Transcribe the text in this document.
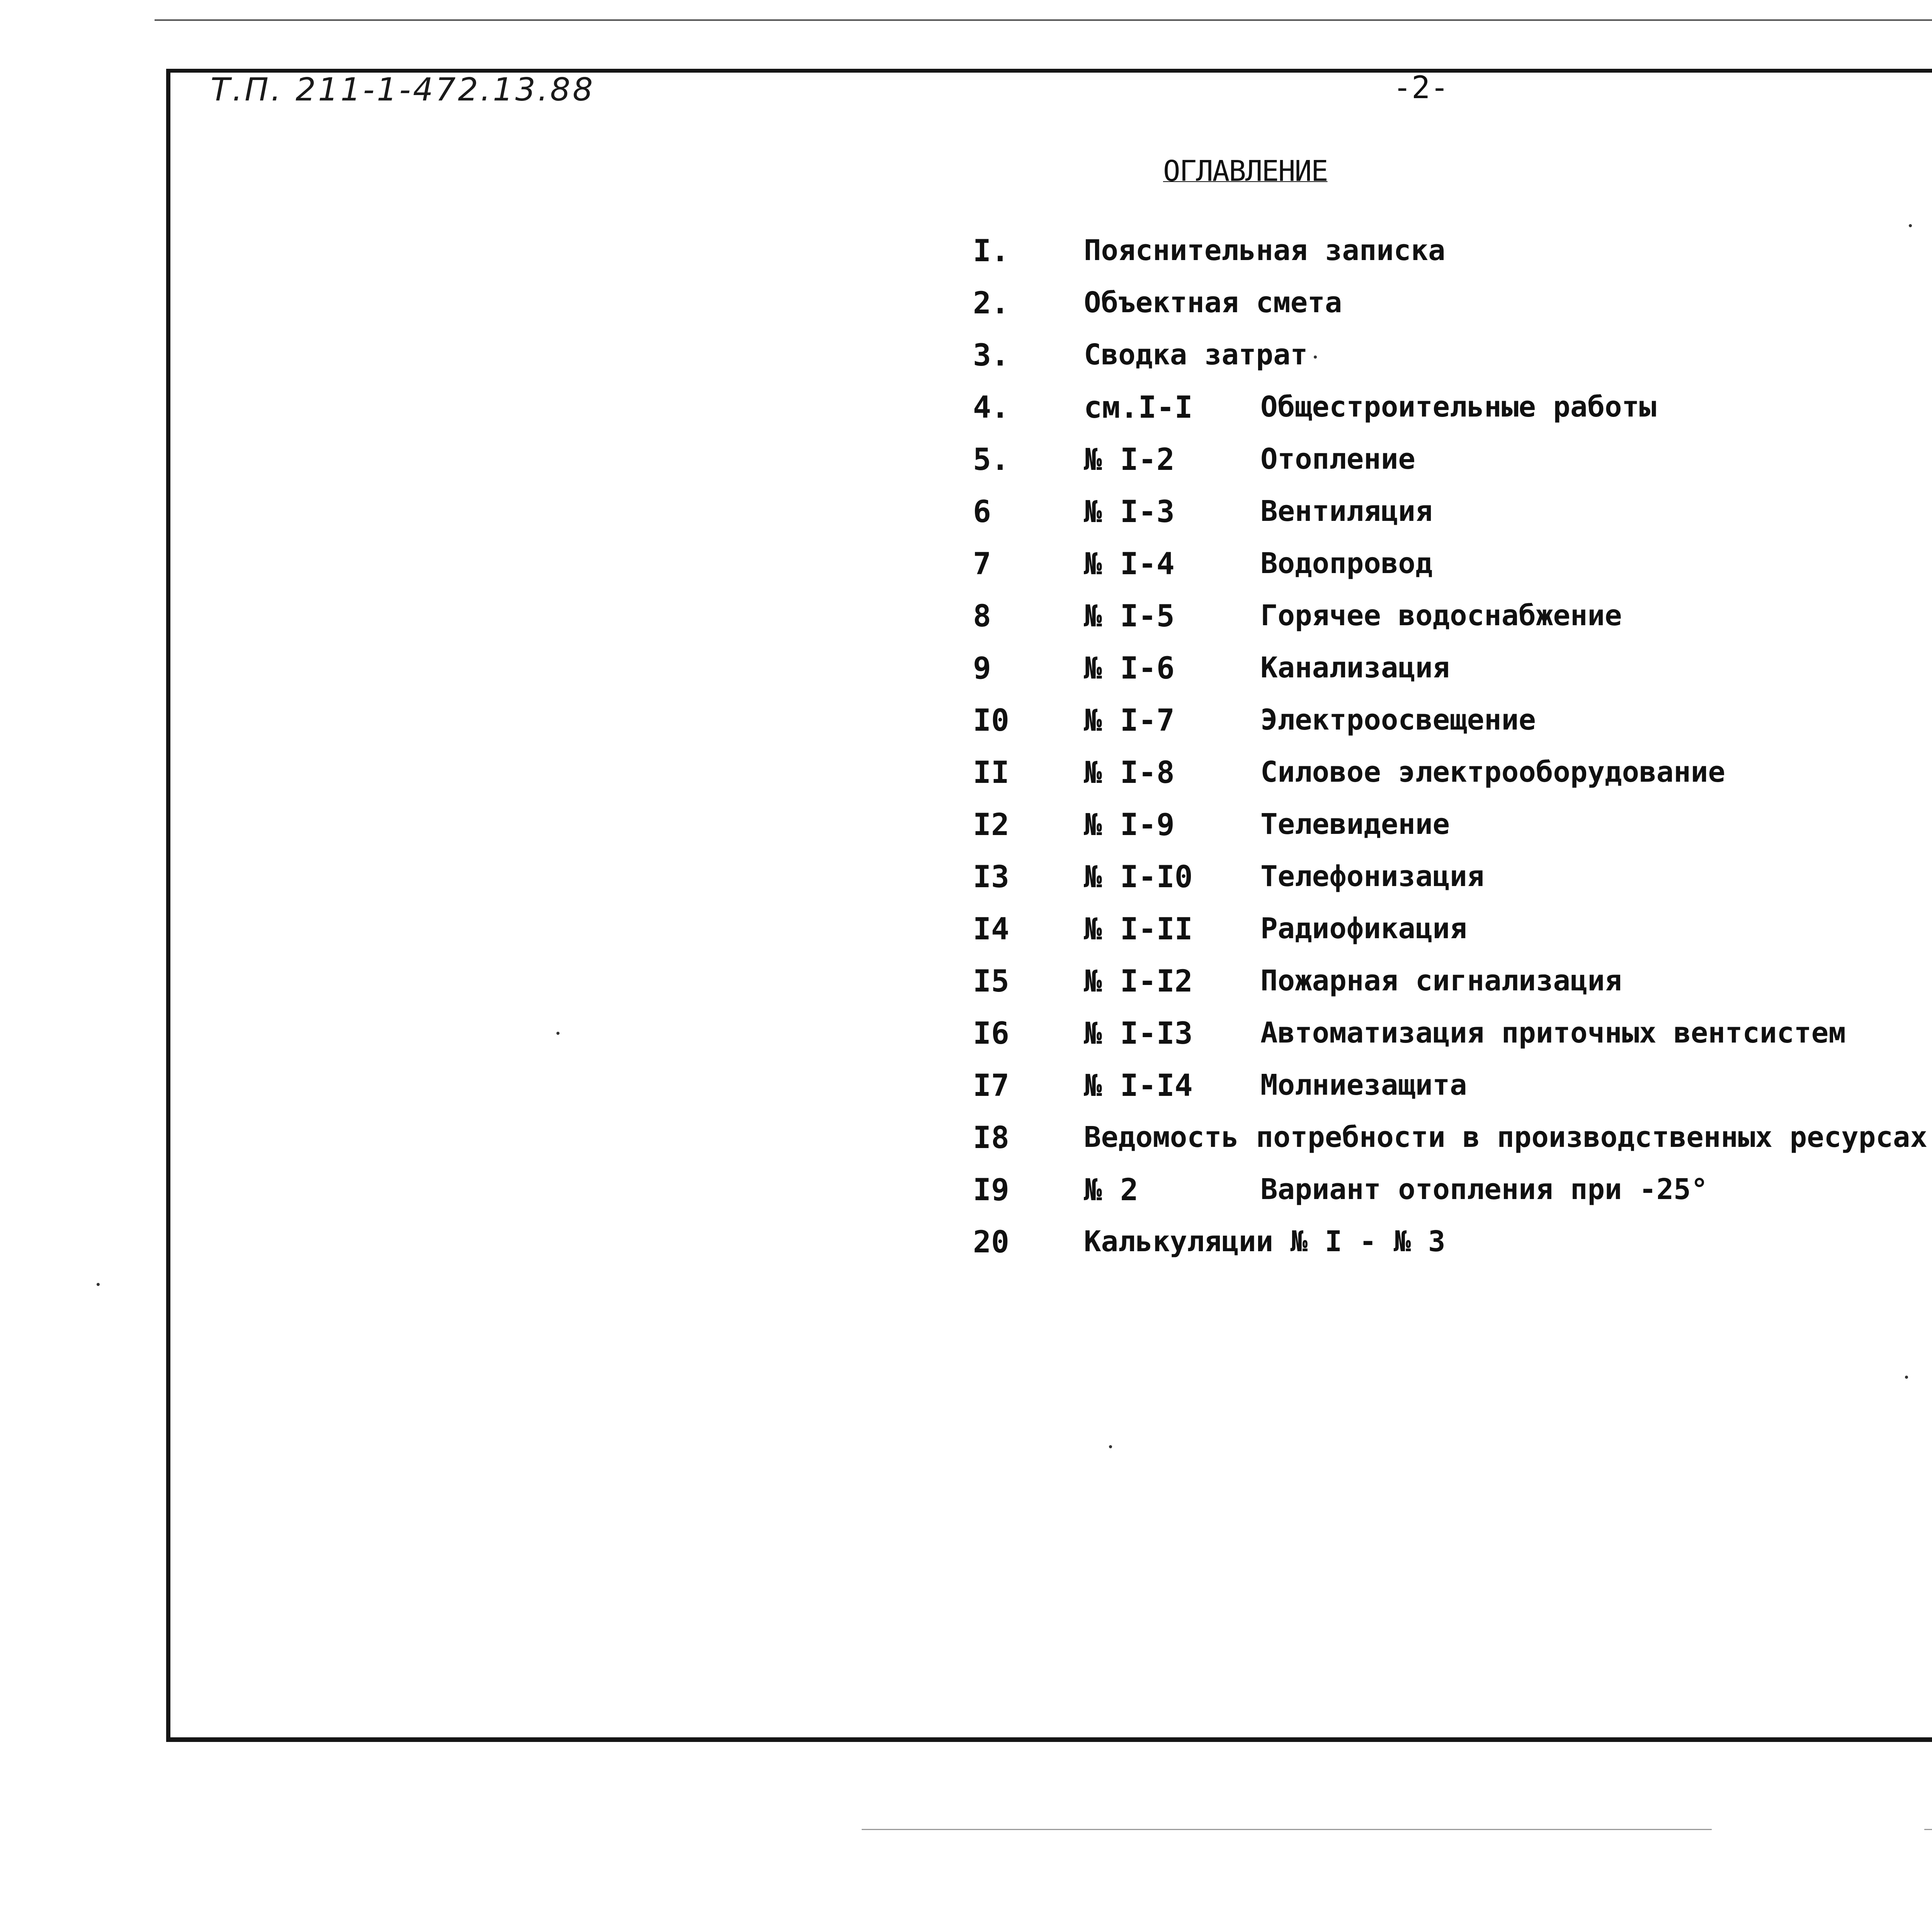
Т.П. 211-1-472.13.88	-2-
ОГЛАВЛЕНИЕ
I.	Пояснительная записка
2.	Объектная смета
3.	Сводка затрат
4. см.I-I Общестроительные работы
5. № I-2	Отопление
6	№ I-3	Вентиляция
7	№ I-4	Водопровод
8	№ I-5	Горячее водоснабжение
9	№ I-6	Канализация
I0 № I-7	Электроосвещение
II № I-8	Силовое электрооборудование
I2 № I-9	Телевидение
I3 № I-I0 Телефонизация
I4 № I-II Радиофикация
I5 № I-I2 Пожарная сигнализация
I6 № I-I3 Автоматизация приточных вентсистем
I7 № I-I4 Молниезащита
I8	Ведомость потребности в производственных ресурсах
I9 № 2	Вариант отопления при -25°
20	Калькуляции № I - № 3
